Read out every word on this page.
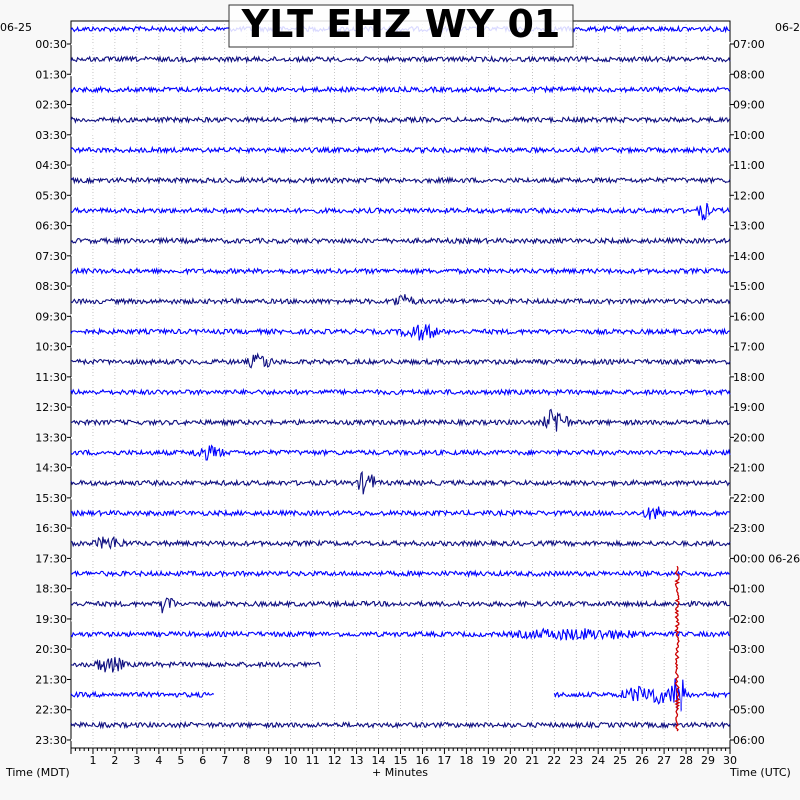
YLT EHZ WY 01
06-25	06-2
00:30
01:30
02:30
03:30
04:30
05:30
06:30
07:30
08:30
09:30
10:30
11:30
12:30
13:30
14:30
15:30
16:30
17:30
18:30
19:30
20:30
21:30
22:30
23:30
07:00
08:00
09:00
10:00
11:00
12:00
13:00
14:00
15:00
16:00
17:00
18:00
19:00
20:00
21:00
22:00
23:00
00:00 06-26
01:00
02:00
03:00
04:00
05:00
06:00
1 2 3 4 5 6 7 8 9 10 11 12 13 14 15 16 17 18 19 20 21 22 23 24 25 26 27 28 29 30
Time (MDT)	+ Minutes	Time (UTC)
